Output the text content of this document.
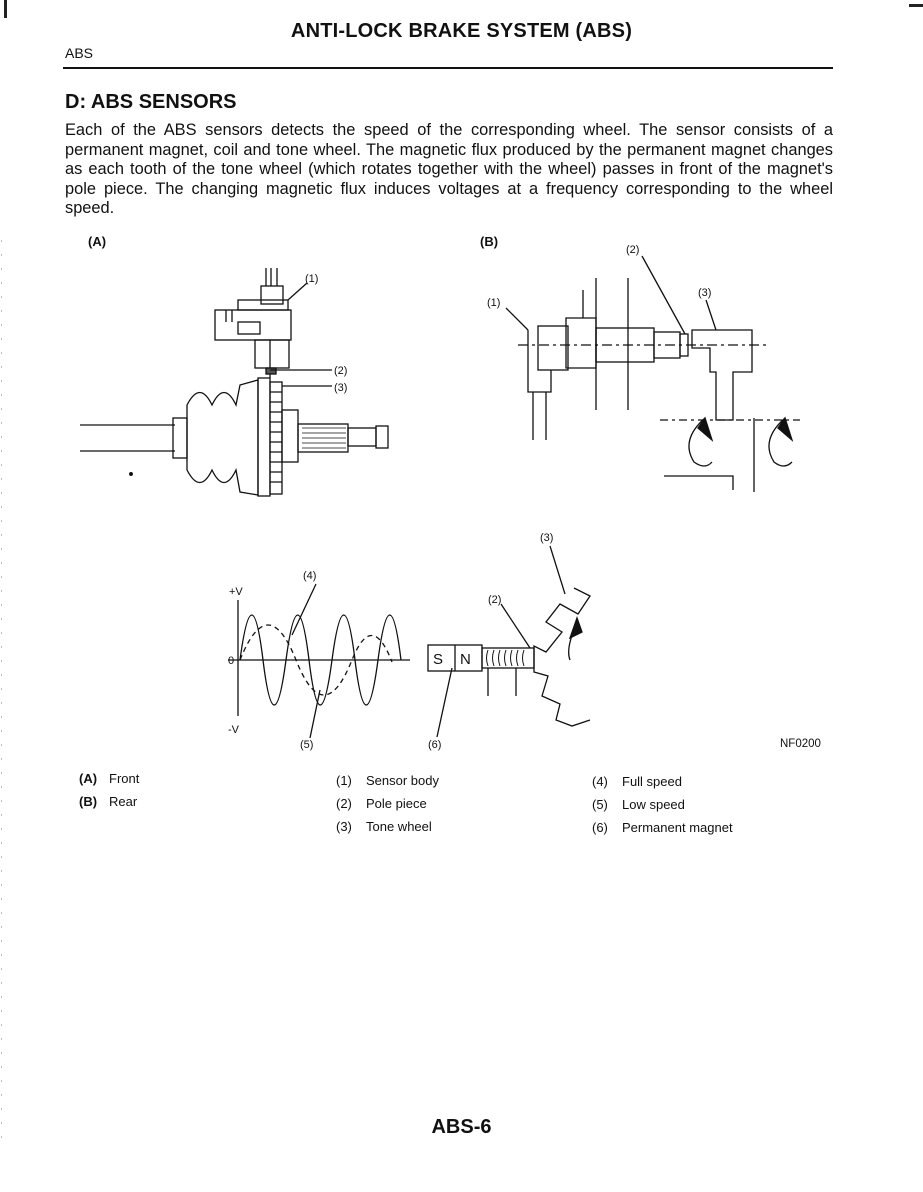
ANTI-LOCK BRAKE SYSTEM (ABS)
ABS
D: ABS SENSORS
Each of the ABS sensors detects the speed of the corresponding wheel. The sensor consists of a permanent magnet, coil and tone wheel. The magnetic flux produced by the permanent magnet changes as each tooth of the tone wheel (which rotates together with the wheel) passes in front of the magnet's pole piece. The changing magnetic flux induces voltages at a frequency corresponding to the wheel speed.
(A)	(B)
(1)
(2)
(3)
(1)
(2)
(3)
(4)
(5)
+V
0
-V
S N
(2)
(3)
(6)	NF0200
(A) Front
(B) Rear
(1) Sensor body
(2) Pole piece
(3) Tone wheel
(4) Full speed
(5) Low speed
(6) Permanent magnet
ABS-6
